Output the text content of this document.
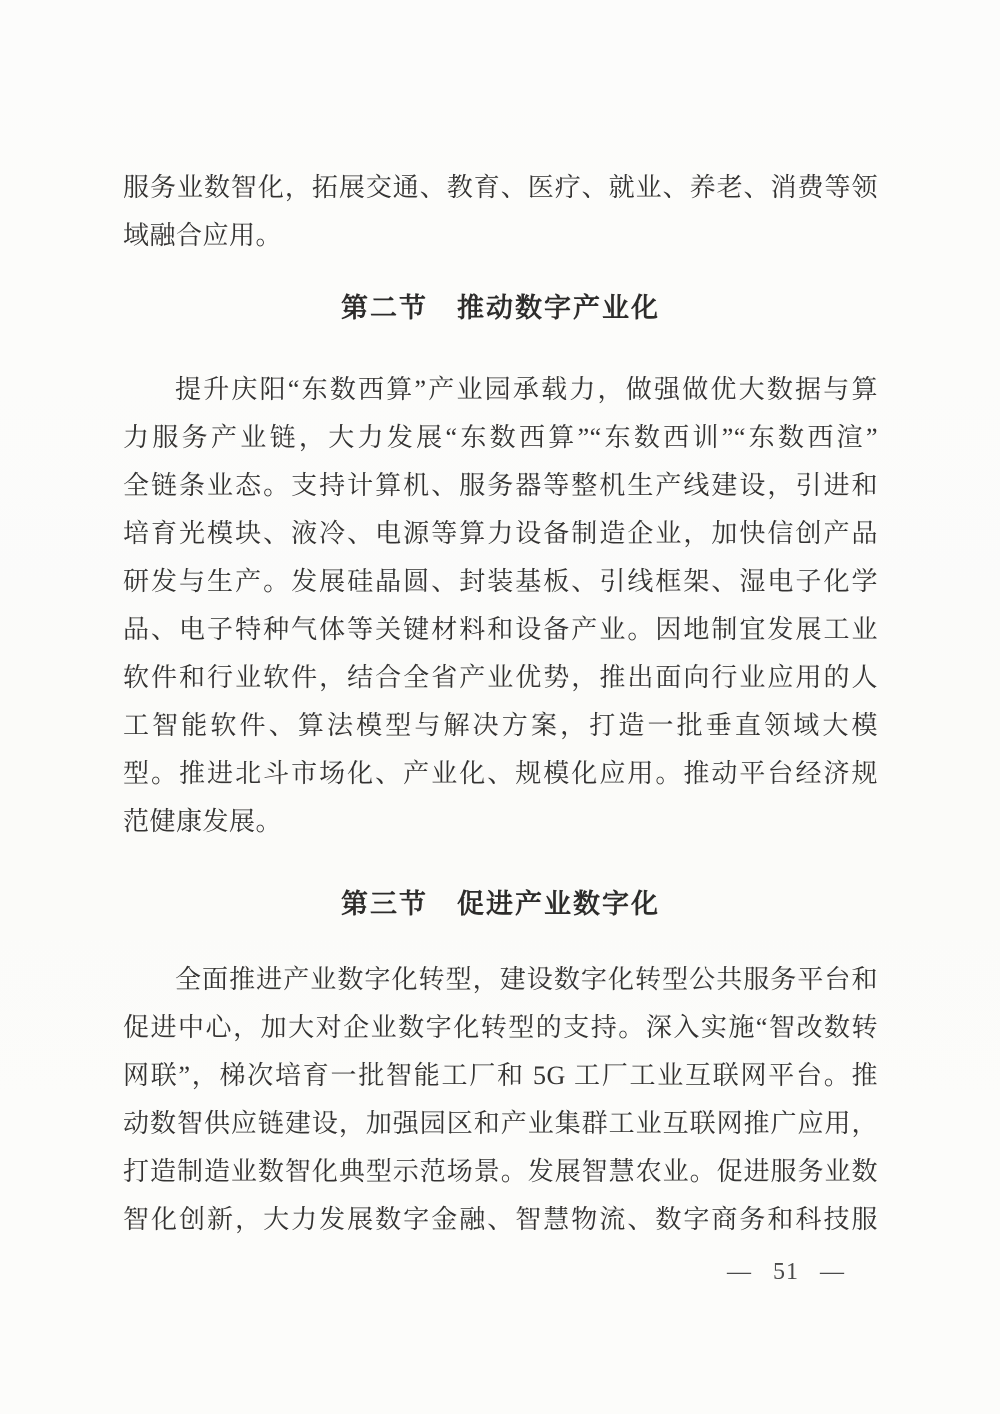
服务业数智化，拓展交通、教育、医疗、就业、养老、消费等领
域融合应用。
第二节　推动数字产业化
提升庆阳“东数西算”产业园承载力，做强做优大数据与算
力服务产业链，大力发展“东数西算”“东数西训”“东数西渲”
全链条业态。支持计算机、服务器等整机生产线建设，引进和
培育光模块、液冷、电源等算力设备制造企业，加快信创产品
研发与生产。发展硅晶圆、封装基板、引线框架、湿电子化学
品、电子特种气体等关键材料和设备产业。因地制宜发展工业
软件和行业软件，结合全省产业优势，推出面向行业应用的人
工智能软件、算法模型与解决方案，打造一批垂直领域大模
型。推进北斗市场化、产业化、规模化应用。推动平台经济规
范健康发展。
第三节　促进产业数字化
全面推进产业数字化转型，建设数字化转型公共服务平台和
促进中心，加大对企业数字化转型的支持。深入实施“智改数转
网联”，梯次培育一批智能工厂和 5G 工厂工业互联网平台。推
动数智供应链建设，加强园区和产业集群工业互联网推广应用，
打造制造业数智化典型示范场景。发展智慧农业。促进服务业数
智化创新，大力发展数字金融、智慧物流、数字商务和科技服
— 51 —
